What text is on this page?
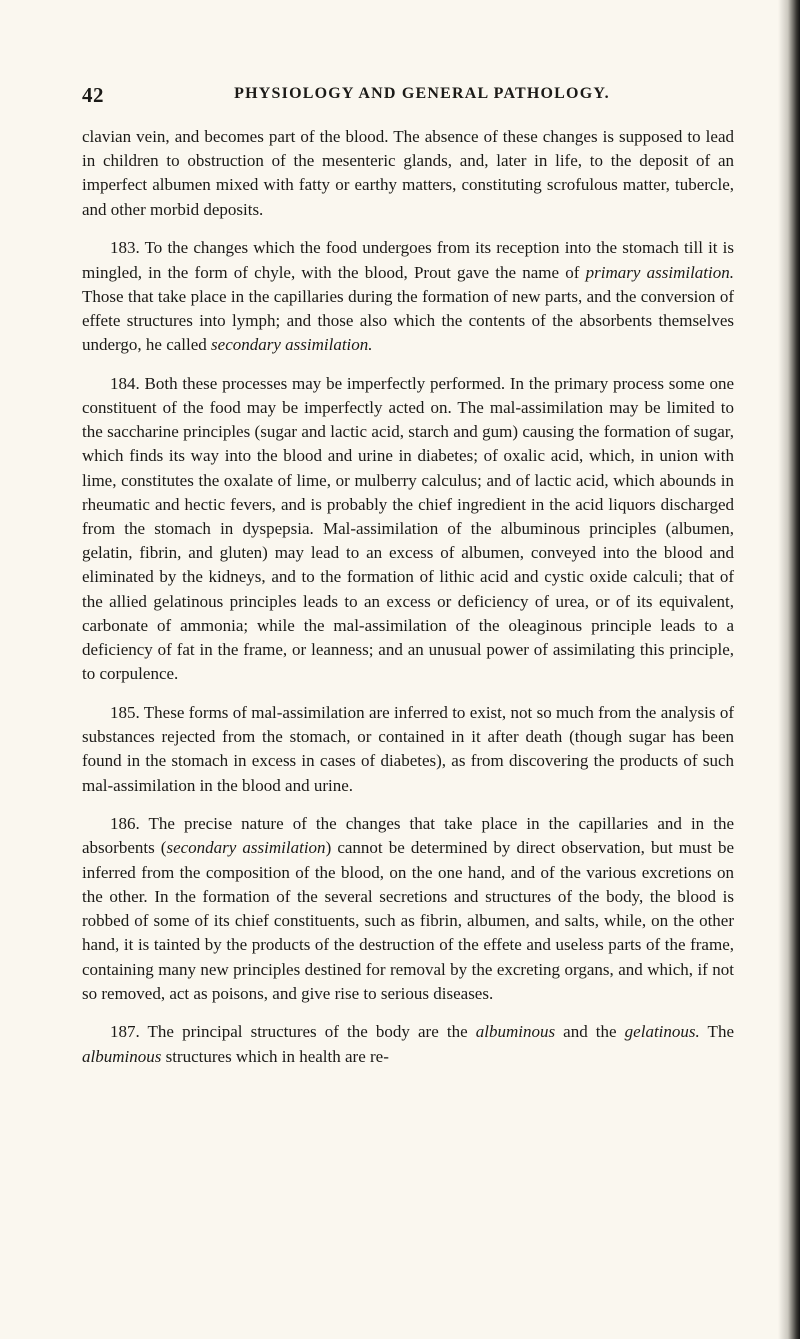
42	PHYSIOLOGY AND GENERAL PATHOLOGY.

clavian vein, and becomes part of the blood. The absence of these changes is supposed to lead in children to obstruction of the mesenteric glands, and, later in life, to the deposit of an imperfect albumen mixed with fatty or earthy matters, constituting scrofulous matter, tubercle, and other morbid deposits.

183. To the changes which the food undergoes from its reception into the stomach till it is mingled, in the form of chyle, with the blood, Prout gave the name of primary assimilation. Those that take place in the capillaries during the formation of new parts, and the conversion of effete structures into lymph; and those also which the contents of the absorbents themselves undergo, he called secondary assimilation.

184. Both these processes may be imperfectly performed. In the primary process some one constituent of the food may be imperfectly acted on. The mal-assimilation may be limited to the saccharine principles (sugar and lactic acid, starch and gum) causing the formation of sugar, which finds its way into the blood and urine in diabetes; of oxalic acid, which, in union with lime, constitutes the oxalate of lime, or mulberry calculus; and of lactic acid, which abounds in rheumatic and hectic fevers, and is probably the chief ingredient in the acid liquors discharged from the stomach in dyspepsia. Mal-assimilation of the albuminous principles (albumen, gelatin, fibrin, and gluten) may lead to an excess of albumen, conveyed into the blood and eliminated by the kidneys, and to the formation of lithic acid and cystic oxide calculi; that of the allied gelatinous principles leads to an excess or deficiency of urea, or of its equivalent, carbonate of ammonia; while the mal-assimilation of the oleaginous principle leads to a deficiency of fat in the frame, or leanness; and an unusual power of assimilating this principle, to corpulence.

185. These forms of mal-assimilation are inferred to exist, not so much from the analysis of substances rejected from the stomach, or contained in it after death (though sugar has been found in the stomach in excess in cases of diabetes), as from discovering the products of such mal-assimilation in the blood and urine.

186. The precise nature of the changes that take place in the capillaries and in the absorbents (secondary assimilation) cannot be determined by direct observation, but must be inferred from the composition of the blood, on the one hand, and of the various excretions on the other. In the formation of the several secretions and structures of the body, the blood is robbed of some of its chief constituents, such as fibrin, albumen, and salts, while, on the other hand, it is tainted by the products of the destruction of the effete and useless parts of the frame, containing many new principles destined for removal by the excreting organs, and which, if not so removed, act as poisons, and give rise to serious diseases.

187. The principal structures of the body are the albuminous and the gelatinous. The albuminous structures which in health are re-
